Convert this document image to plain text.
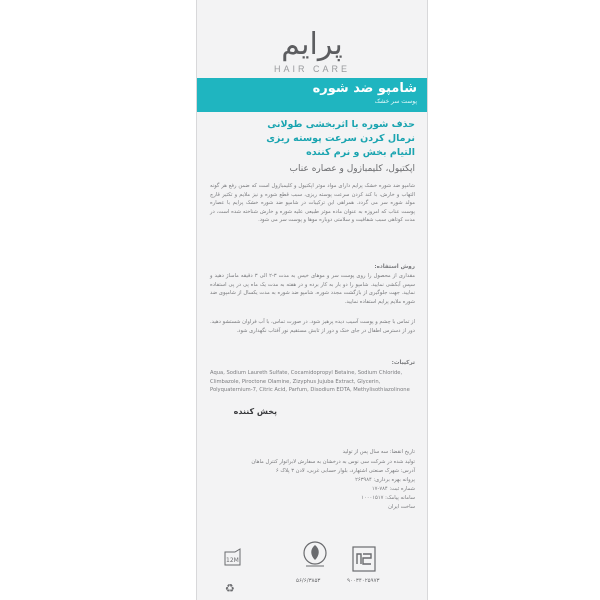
پرایم
HAIR CARE
شامپو ضد شوره
پوست سر خشک
حذف شوره با اثربخشی طولانی
نرمال کردن سرعت پوسته ریزی
التیام بخش و نرم کننده
اپکتیول، کلیمبازول و عصاره عناب
شامپو ضد شوره خشک پرایم دارای مواد موثر اپکتیول و کلیمبازول است که ضمن رفع هر گونه التهاب و خارش، با کند کردن سرعت پوسته ریزی، سبب قطع شوره و نیز ملایم و تکثیر قارچ مولد شوره سر می گردد. همراهی این ترکیبات در شامپو ضد شوره خشک پرایم با عصاره پوست عناب که امروزه به عنوان ماده موثر طبیعی علیه شوره و خارش شناخته شده است، در مدت کوتاهی سبب شفافیت و سلامتی دوباره موها و پوست سر می شود.
روش استفاده:
مقداری از محصول را روی پوست سر و موهای خیس به مدت ۳-۲ الی ۳ دقیقه ماساژ دهید و سپس آبکشی نمایید. شامپو را دو بار به کار برده و در هفته به مدت یک ماه پی در پی استفاده نمایید. جهت جلوگیری از بازگشت مجدد شوره، شامپو ضد شوره به مدت یکسال از شامپوی ضد شوره ملایم پرایم استفاده نمایید.
از تماس با چشم و پوست آسیب دیده پرهیز شود. در صورت تماس، با آب فراوان شستشو دهید. دور از دسترس اطفال در جای خنک و دور از تابش مستقیم نور آفتاب نگهداری شود.
ترکیبات:
Aqua, Sodium Laureth Sulfate, Cocamidopropyl Betaine, Sodium Chloride, Climbazole, Piroctone Olamine, Zizyphus Jujuba Extract, Glycerin, Polyquaternium-7, Citric Acid, Parfum, Disodium EDTA, Methylisothiazolinone
پخش کننده
تاریخ انقضا: سه سال پس از تولید
تولید شده در شرکت سی نوس به درخشان به سفارش لابراتوار کنترل ماهان
آدرس: شهرک صنعتی اشتهارد، بلوار حسابی غربی، لادن ۳ پلاک ۶
پروانه بهره برداری: ۲۶۳۹۸۴
شماره ثبت: ۷۸۴-۱۷
سامانه پیامک: ۱۰۰۰۱۵۱۷
ساخت ایران
۹۰۰۳۴۰۲۵۹۷۳
۵۶/۶/۳۸۵۳
12M
♻
